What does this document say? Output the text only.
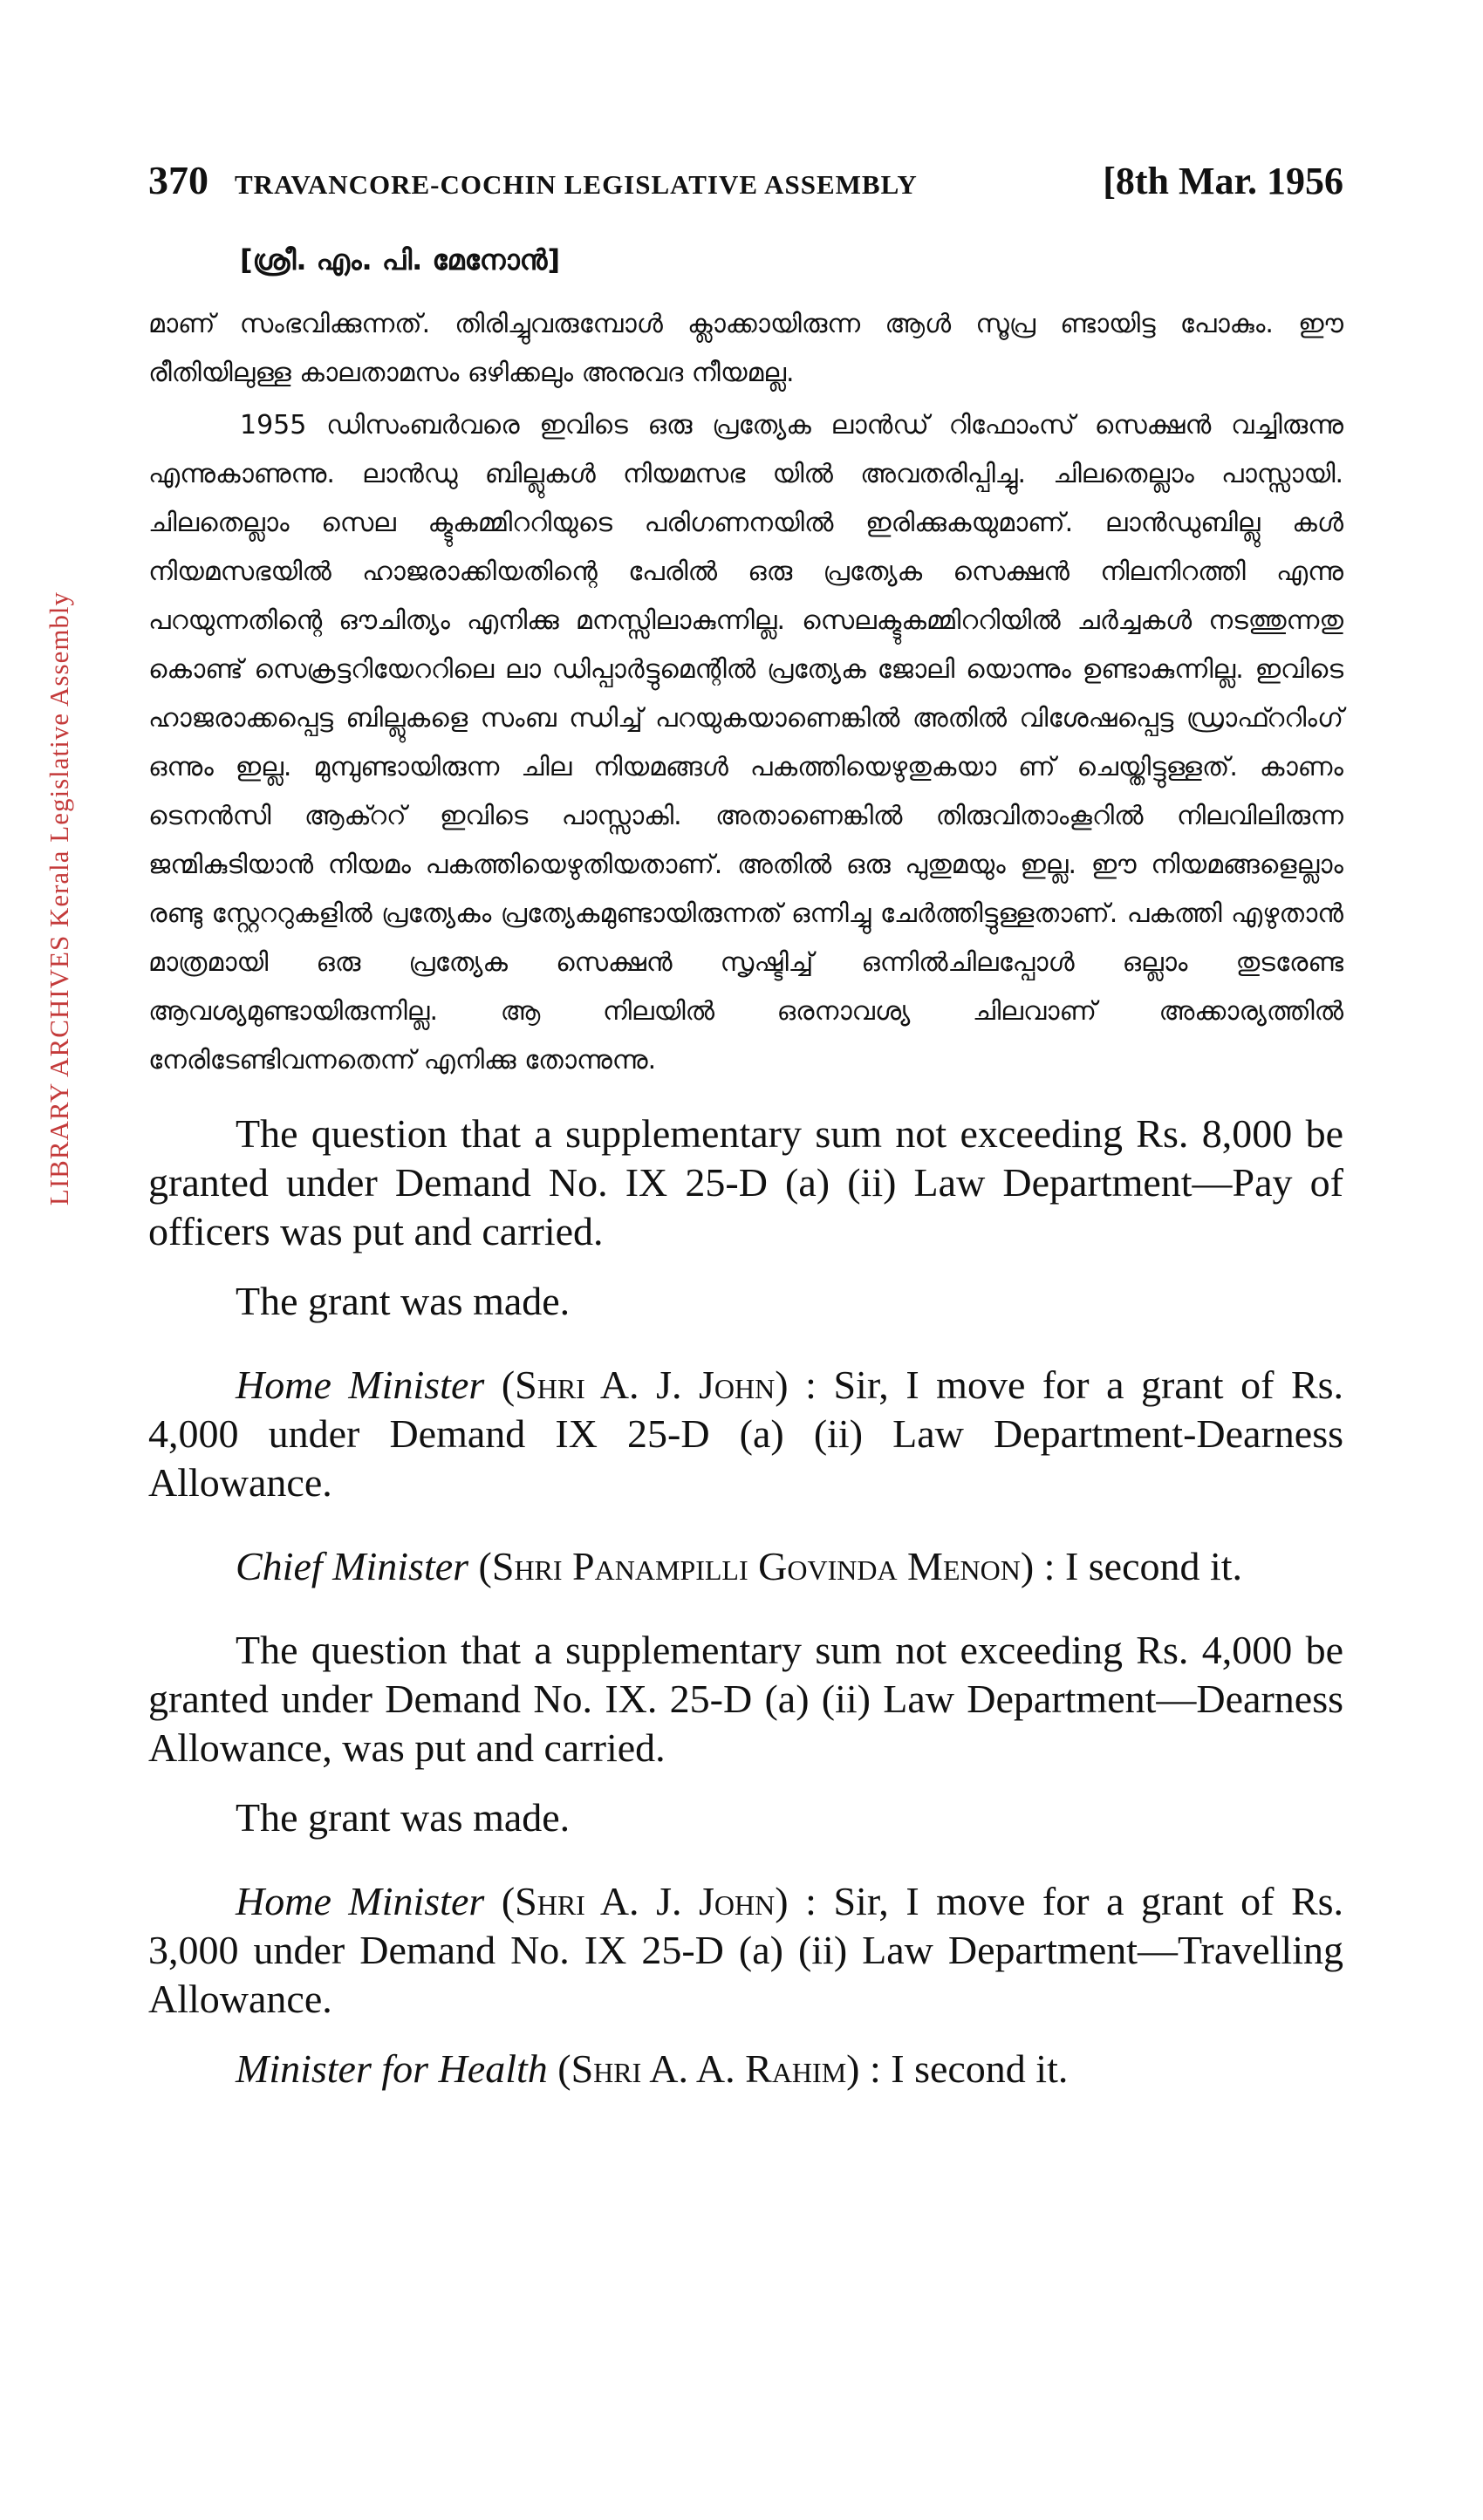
LIBRARY ARCHIVES Kerala Legislative Assembly
370 TRAVANCORE-COCHIN LEGISLATIVE ASSEMBLY	[8th Mar. 1956
[ശ്രീ. എം. പി. മേനോൻ]

മാണ് സംഭവിക്കുന്നത്. തിരിച്ചുവരുമ്പോൾ ക്ലാക്കായിരുന്ന ആൾ സൂപ്ര ണ്ടായിട്ട പോകും. ഈ രീതിയിലുള്ള കാലതാമസം ഒഴിക്കലും അനുവദ നീയമല്ല.

1955 ഡിസംബർവരെ ഇവിടെ ഒരു പ്രത്യേക ലാൻഡ് റിഫോംസ് സെക്ഷൻ വച്ചിരുന്നു എന്നുകാണുന്നു. ലാൻഡു ബില്ലുകൾ നിയമസഭ യിൽ അവതരിപ്പിച്ചു. ചിലതെല്ലാം പാസ്സായി. ചിലതെല്ലാം സെല ക്ടുകമ്മിററിയുടെ പരിഗണനയിൽ ഇരിക്കുകയുമാണ്. ലാൻഡുബില്ലു കൾ നിയമസഭയിൽ ഹാജരാക്കിയതിന്റെ പേരിൽ ഒരു പ്രത്യേക സെക്ഷൻ നിലനിറത്തി എന്നു പറയുന്നതിന്റെ ഔചിത്യം എനിക്കു മനസ്സിലാകുന്നില്ല. സെലക്ടുകമ്മിററിയിൽ ചർച്ചകൾ നടത്തുന്നതു കൊണ്ട് സെക്രട്ടറിയേററിലെ ലാ ഡിപ്പാർട്ടുമെന്റിൽ പ്രത്യേക ജോലി യൊന്നും ഉണ്ടാകുന്നില്ല. ഇവിടെ ഹാജരാക്കപ്പെട്ട ബില്ലുകളെ സംബ ന്ധിച്ച് പറയുകയാണെങ്കിൽ അതിൽ വിശേഷപ്പെട്ട ഡ്രാഫ്ററിംഗ് ഒന്നും ഇല്ല. മുമ്പുണ്ടായിരുന്ന ചില നിയമങ്ങൾ പകത്തിയെഴുതുകയാ ണ് ചെയ്തിട്ടുള്ളത്. കാണം ടെനൻസി ആക്ററ് ഇവിടെ പാസ്സാകി. അതാണെങ്കിൽ തിരുവിതാംകൂറിൽ നിലവിലിരുന്ന ജന്മികുടിയാൻ നിയമം പകത്തിയെഴുതിയതാണ്. അതിൽ ഒരു പുതുമയും ഇല്ല. ഈ നിയമങ്ങളെല്ലാം രണ്ടു സ്റ്റേററുകളിൽ പ്രത്യേകം പ്രത്യേകമുണ്ടായിരുന്നത് ഒന്നിച്ചു ചേർത്തിട്ടുള്ളതാണ്. പകത്തി എഴുതാൻ മാത്രമായി ഒരു പ്രത്യേക സെക്ഷൻ സൃഷ്ടിച്ച് ഒന്നിൽചിലപ്പോൾ ഒല്ലാം തുടരേണ്ട ആവശ്യമുണ്ടായിരുന്നില്ല. ആ നിലയിൽ ഒരനാവശ്യ ചിലവാണ് അക്കാര്യത്തിൽ നേരിടേണ്ടിവന്നതെന്ന് എനിക്കു തോന്നുന്നു.

The question that a supplementary sum not exceeding Rs. 8,000 be granted under Demand No. IX 25-D (a) (ii) Law Department—Pay of officers was put and carried.

The grant was made.

Home Minister (Shri A. J. John) : Sir, I move for a grant of Rs. 4,000 under Demand IX 25-D (a) (ii) Law Department-Dearness Allowance.

Chief Minister (Shri Panampilli Govinda Menon) : I second it.

The question that a supplementary sum not exceeding Rs. 4,000 be granted under Demand No. IX. 25-D (a) (ii) Law Department—Dearness Allowance, was put and carried.

The grant was made.

Home Minister (Shri A. J. John) : Sir, I move for a grant of Rs. 3,000 under Demand No. IX 25-D (a) (ii) Law Department—Travelling Allowance.

Minister for Health (Shri A. A. Rahim) : I second it.
